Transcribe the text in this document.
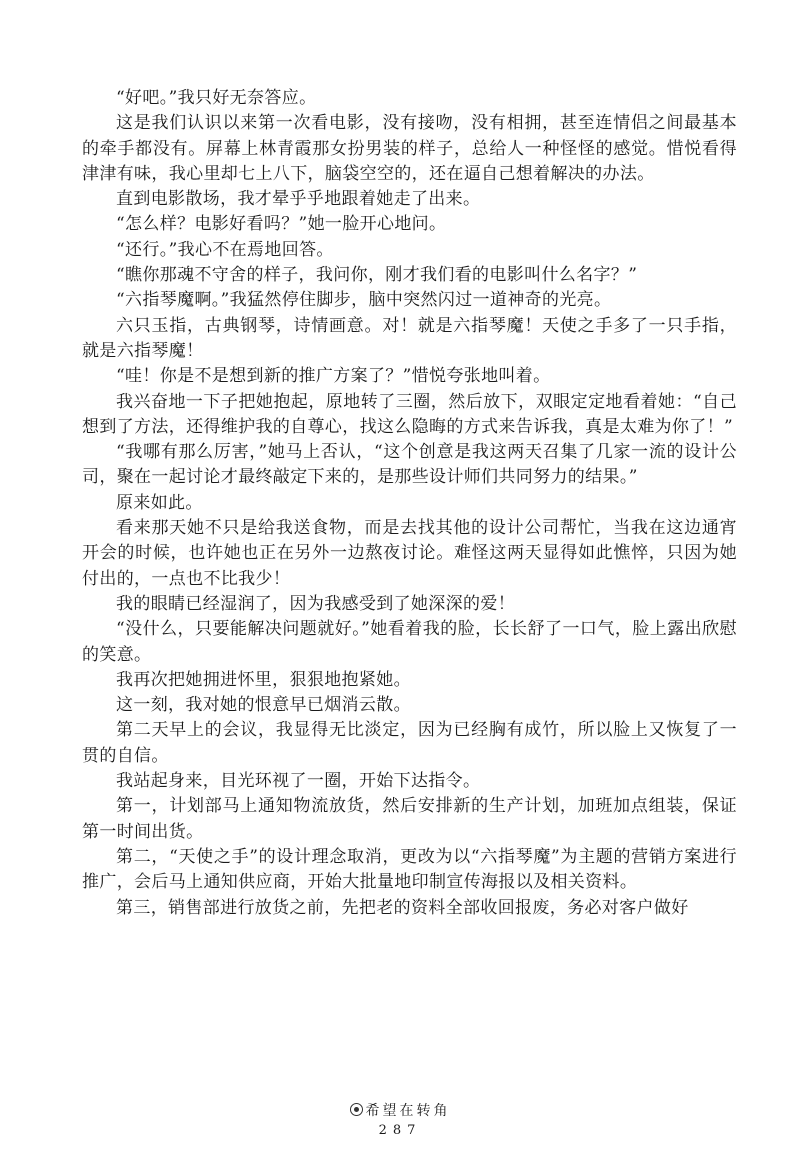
“好吧。”我只好无奈答应。

这是我们认识以来第一次看电影，没有接吻，没有相拥，甚至连情侣之间最基本的牵手都没有。屏幕上林青霞那女扮男装的样子，总给人一种怪怪的感觉。惜悦看得津津有味，我心里却七上八下，脑袋空空的，还在逼自己想着解决的办法。

直到电影散场，我才晕乎乎地跟着她走了出来。

“怎么样？电影好看吗？”她一脸开心地问。

“还行。”我心不在焉地回答。

“瞧你那魂不守舍的样子，我问你，刚才我们看的电影叫什么名字？”

“六指琴魔啊。”我猛然停住脚步，脑中突然闪过一道神奇的光亮。

六只玉指，古典钢琴，诗情画意。对！就是六指琴魔！天使之手多了一只手指，就是六指琴魔！

“哇！你是不是想到新的推广方案了？”惜悦夸张地叫着。

我兴奋地一下子把她抱起，原地转了三圈，然后放下，双眼定定地看着她：“自己想到了方法，还得维护我的自尊心，找这么隐晦的方式来告诉我，真是太难为你了！”

“我哪有那么厉害，”她马上否认，“这个创意是我这两天召集了几家一流的设计公司，聚在一起讨论才最终敲定下来的，是那些设计师们共同努力的结果。”

原来如此。

看来那天她不只是给我送食物，而是去找其他的设计公司帮忙，当我在这边通宵开会的时候，也许她也正在另外一边熬夜讨论。难怪这两天显得如此憔悴，只因为她付出的，一点也不比我少！

我的眼睛已经湿润了，因为我感受到了她深深的爱！

“没什么，只要能解决问题就好。”她看着我的脸，长长舒了一口气，脸上露出欣慰的笑意。

我再次把她拥进怀里，狠狠地抱紧她。

这一刻，我对她的恨意早已烟消云散。

第二天早上的会议，我显得无比淡定，因为已经胸有成竹，所以脸上又恢复了一贯的自信。

我站起身来，目光环视了一圈，开始下达指令。

第一，计划部马上通知物流放货，然后安排新的生产计划，加班加点组装，保证第一时间出货。

第二，“天使之手”的设计理念取消，更改为以“六指琴魔”为主题的营销方案进行推广，会后马上通知供应商，开始大批量地印制宣传海报以及相关资料。

第三，销售部进行放货之前，先把老的资料全部收回报废，务必对客户做好

希望在转角
287
